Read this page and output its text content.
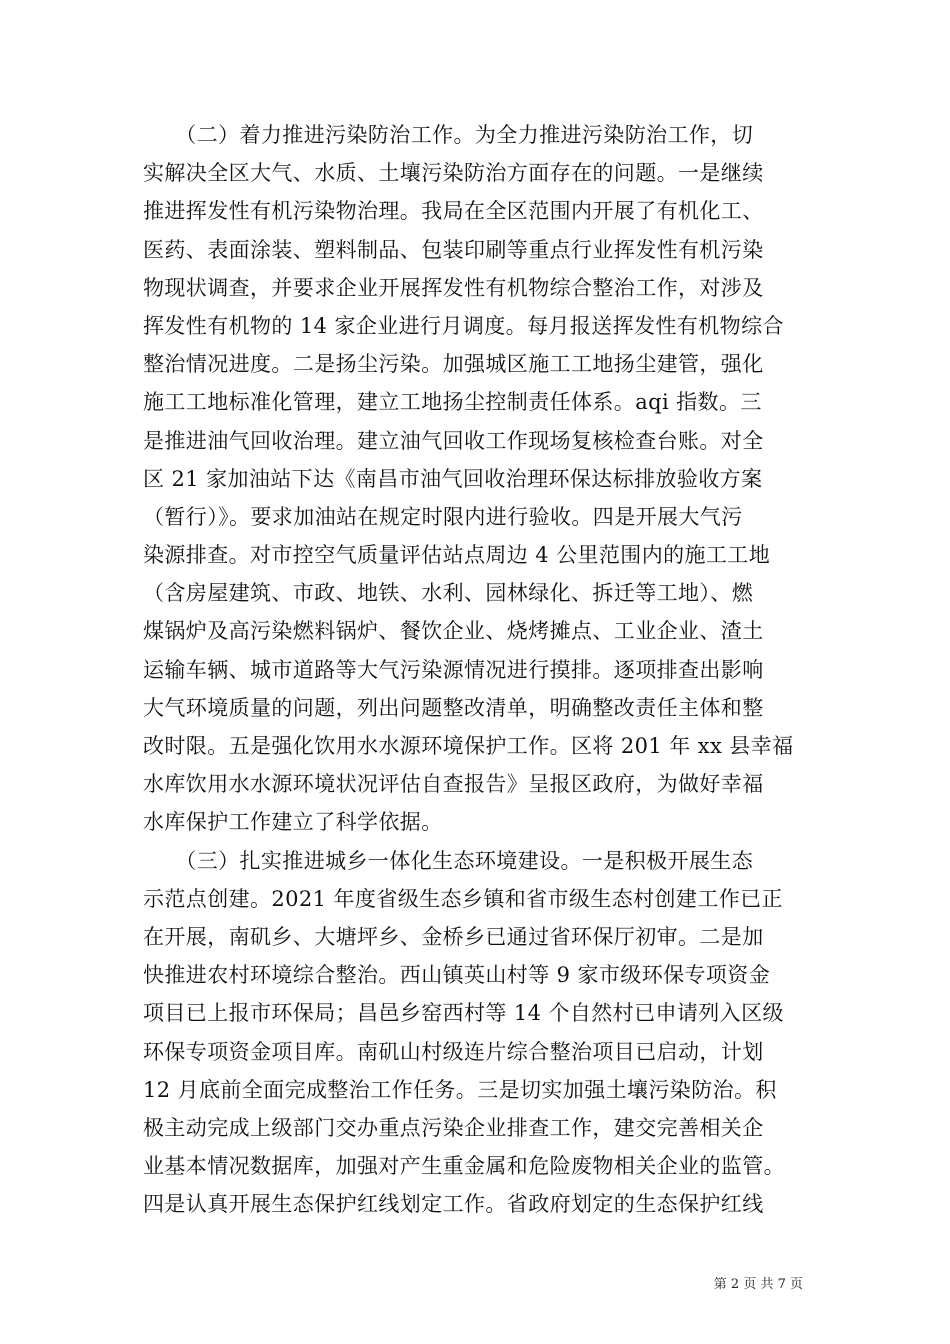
　　（二）着力推进污染防治工作。为全力推进污染防治工作，切
实解决全区大气、水质、土壤污染防治方面存在的问题。一是继续
推进挥发性有机污染物治理。我局在全区范围内开展了有机化工、
医药、表面涂装、塑料制品、包装印刷等重点行业挥发性有机污染
物现状调查，并要求企业开展挥发性有机物综合整治工作，对涉及
挥发性有机物的 14 家企业进行月调度。每月报送挥发性有机物综合
整治情况进度。二是扬尘污染。加强城区施工工地扬尘建管，强化
施工工地标准化管理，建立工地扬尘控制责任体系。aqi 指数。三
是推进油气回收治理。建立油气回收工作现场复核检查台账。对全
区 21 家加油站下达《南昌市油气回收治理环保达标排放验收方案
（暂行）》。要求加油站在规定时限内进行验收。四是开展大气污
染源排查。对市控空气质量评估站点周边 4 公里范围内的施工工地
（含房屋建筑、市政、地铁、水利、园林绿化、拆迁等工地）、燃
煤锅炉及高污染燃料锅炉、餐饮企业、烧烤摊点、工业企业、渣土
运输车辆、城市道路等大气污染源情况进行摸排。逐项排查出影响
大气环境质量的问题，列出问题整改清单，明确整改责任主体和整
改时限。五是强化饮用水水源环境保护工作。区将 201 年 xx 县幸福
水库饮用水水源环境状况评估自查报告》呈报区政府，为做好幸福
水库保护工作建立了科学依据。
　　（三）扎实推进城乡一体化生态环境建设。一是积极开展生态
示范点创建。2021 年度省级生态乡镇和省市级生态村创建工作已正
在开展，南矶乡、大塘坪乡、金桥乡已通过省环保厅初审。二是加
快推进农村环境综合整治。西山镇英山村等 9 家市级环保专项资金
项目已上报市环保局；昌邑乡窑西村等 14 个自然村已申请列入区级
环保专项资金项目库。南矶山村级连片综合整治项目已启动，计划
12 月底前全面完成整治工作任务。三是切实加强土壤污染防治。积
极主动完成上级部门交办重点污染企业排查工作，建交完善相关企
业基本情况数据库，加强对产生重金属和危险废物相关企业的监管。
四是认真开展生态保护红线划定工作。省政府划定的生态保护红线
第 2 页 共 7 页
